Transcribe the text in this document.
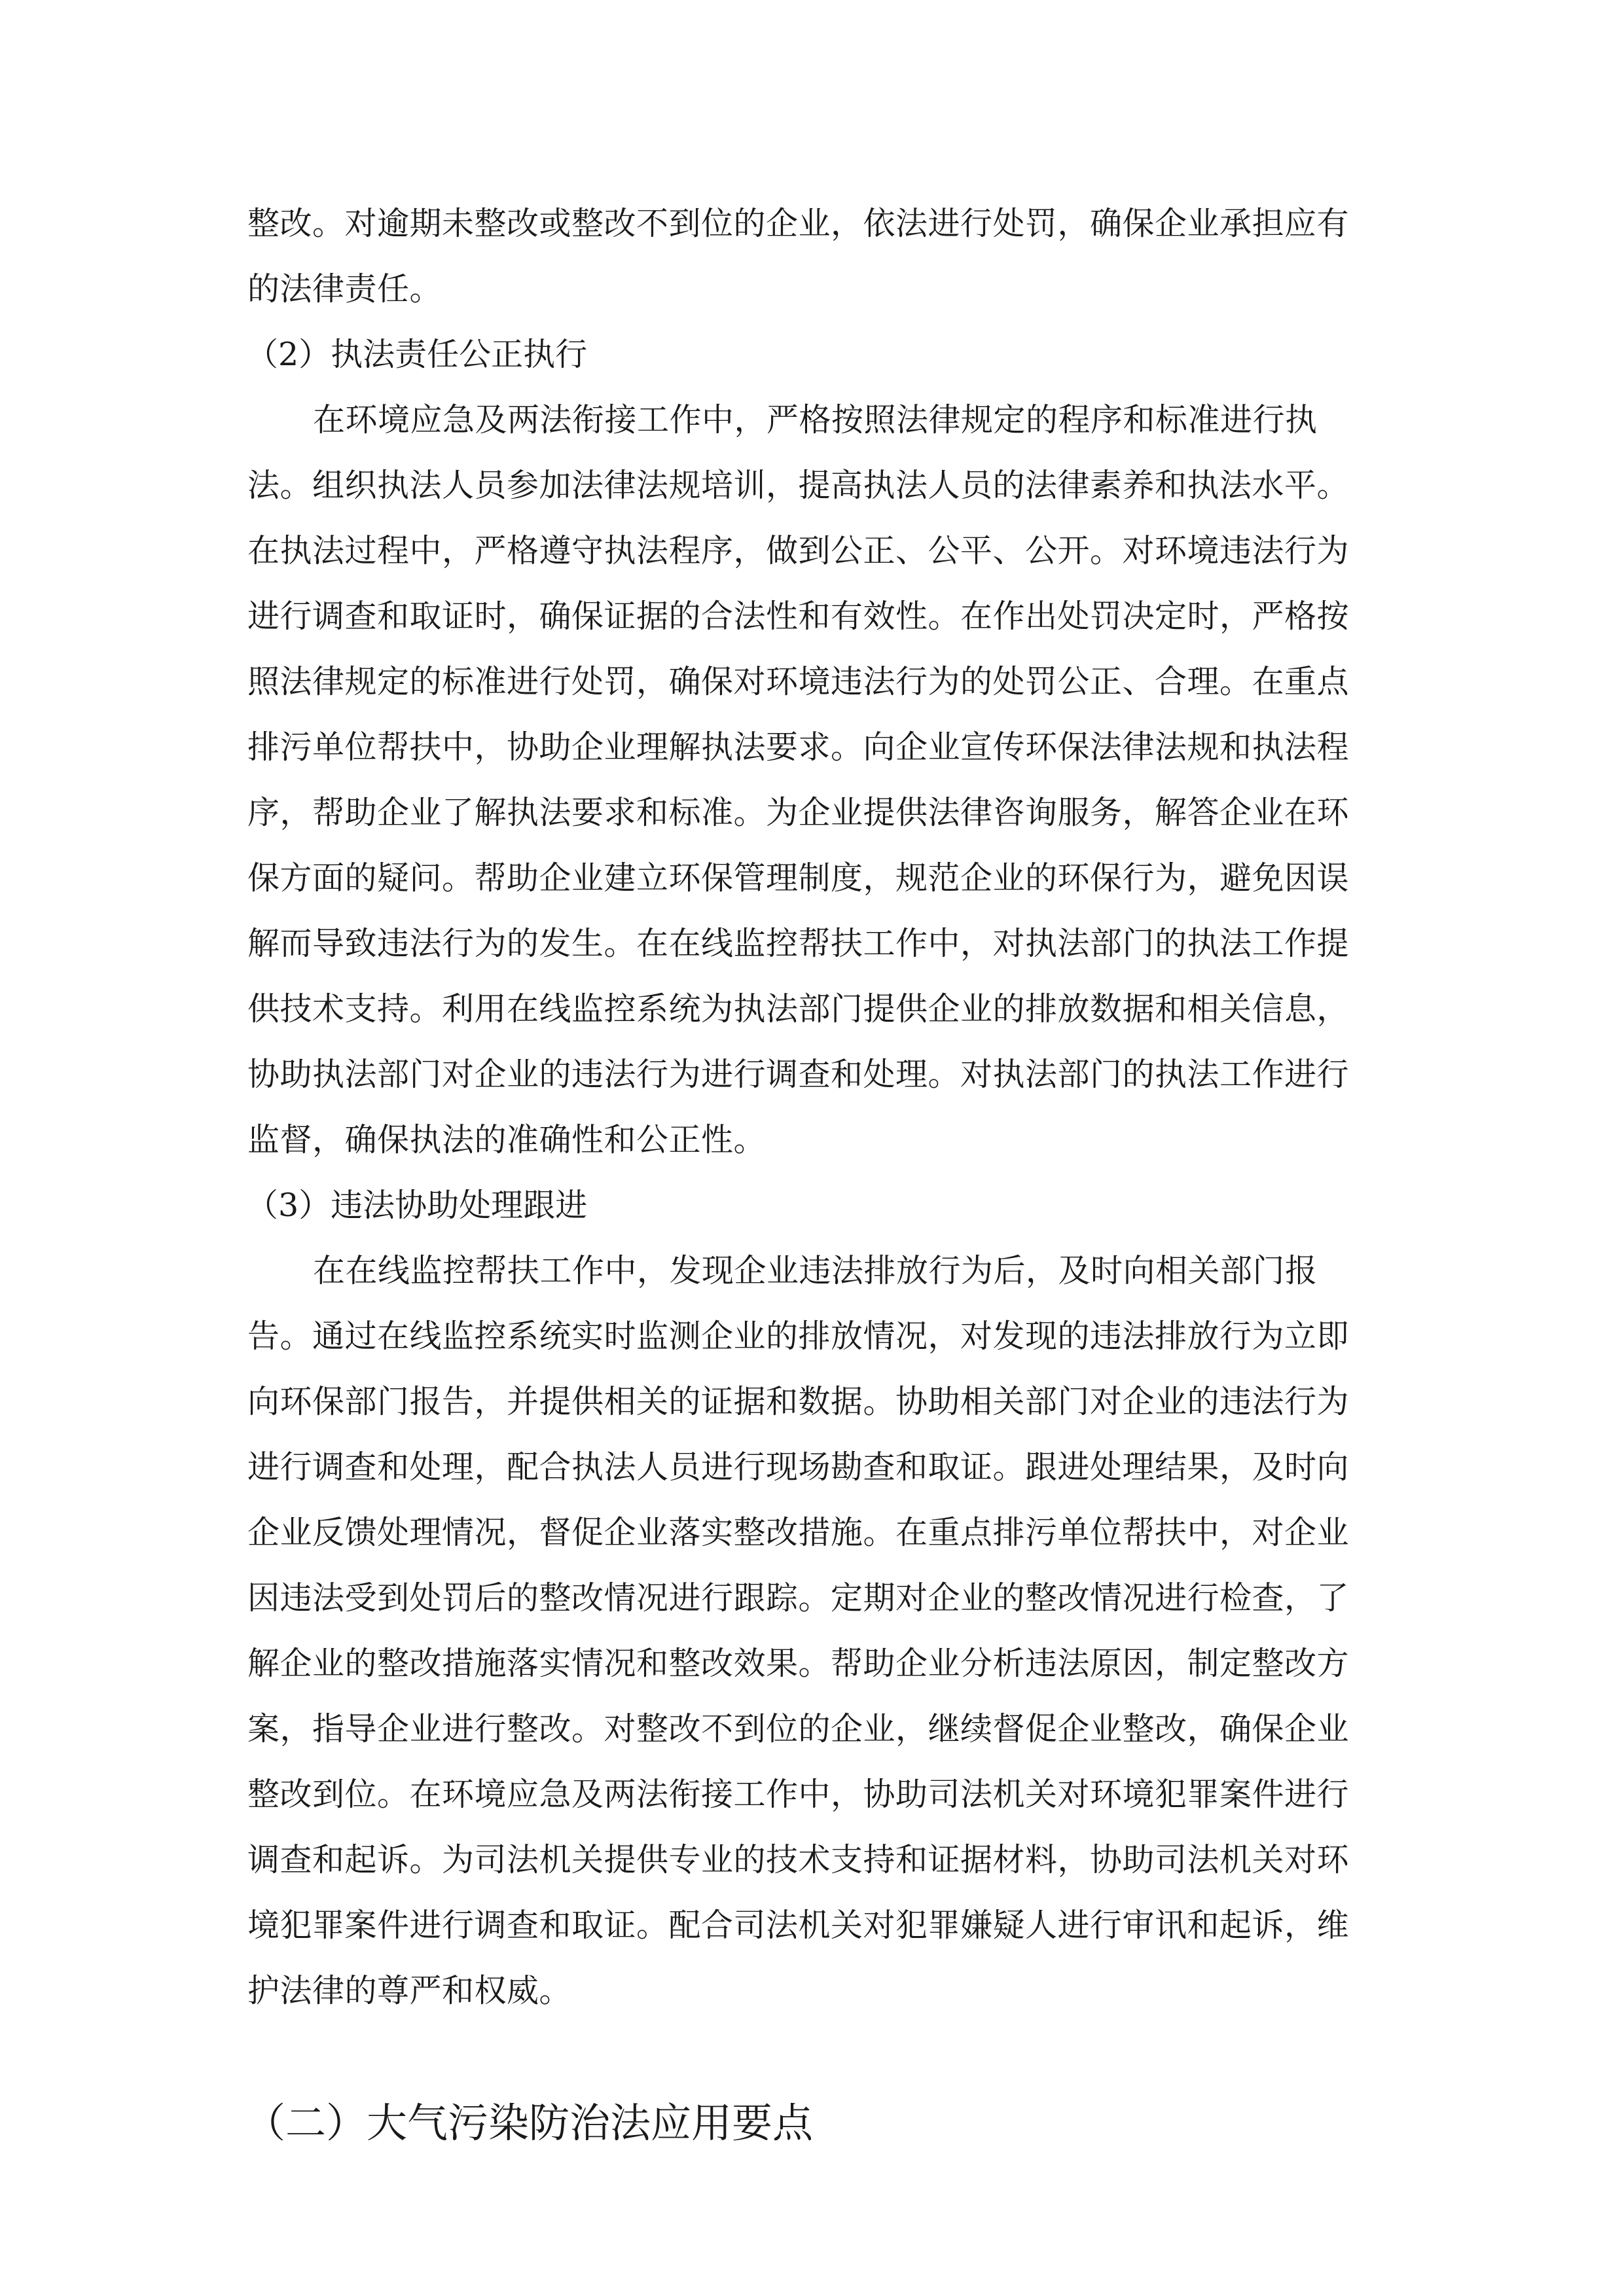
整改。对逾期未整改或整改不到位的企业，依法进行处罚，确保企业承担应有
的法律责任。
（2）执法责任公正执行
在环境应急及两法衔接工作中，严格按照法律规定的程序和标准进行执
法。组织执法人员参加法律法规培训，提高执法人员的法律素养和执法水平。
在执法过程中，严格遵守执法程序，做到公正、公平、公开。对环境违法行为
进行调查和取证时，确保证据的合法性和有效性。在作出处罚决定时，严格按
照法律规定的标准进行处罚，确保对环境违法行为的处罚公正、合理。在重点
排污单位帮扶中，协助企业理解执法要求。向企业宣传环保法律法规和执法程
序，帮助企业了解执法要求和标准。为企业提供法律咨询服务，解答企业在环
保方面的疑问。帮助企业建立环保管理制度，规范企业的环保行为，避免因误
解而导致违法行为的发生。在在线监控帮扶工作中，对执法部门的执法工作提
供技术支持。利用在线监控系统为执法部门提供企业的排放数据和相关信息，
协助执法部门对企业的违法行为进行调查和处理。对执法部门的执法工作进行
监督，确保执法的准确性和公正性。
（3）违法协助处理跟进
在在线监控帮扶工作中，发现企业违法排放行为后，及时向相关部门报
告。通过在线监控系统实时监测企业的排放情况，对发现的违法排放行为立即
向环保部门报告，并提供相关的证据和数据。协助相关部门对企业的违法行为
进行调查和处理，配合执法人员进行现场勘查和取证。跟进处理结果，及时向
企业反馈处理情况，督促企业落实整改措施。在重点排污单位帮扶中，对企业
因违法受到处罚后的整改情况进行跟踪。定期对企业的整改情况进行检查，了
解企业的整改措施落实情况和整改效果。帮助企业分析违法原因，制定整改方
案，指导企业进行整改。对整改不到位的企业，继续督促企业整改，确保企业
整改到位。在环境应急及两法衔接工作中，协助司法机关对环境犯罪案件进行
调查和起诉。为司法机关提供专业的技术支持和证据材料，协助司法机关对环
境犯罪案件进行调查和取证。配合司法机关对犯罪嫌疑人进行审讯和起诉，维
护法律的尊严和权威。
（二）大气污染防治法应用要点
